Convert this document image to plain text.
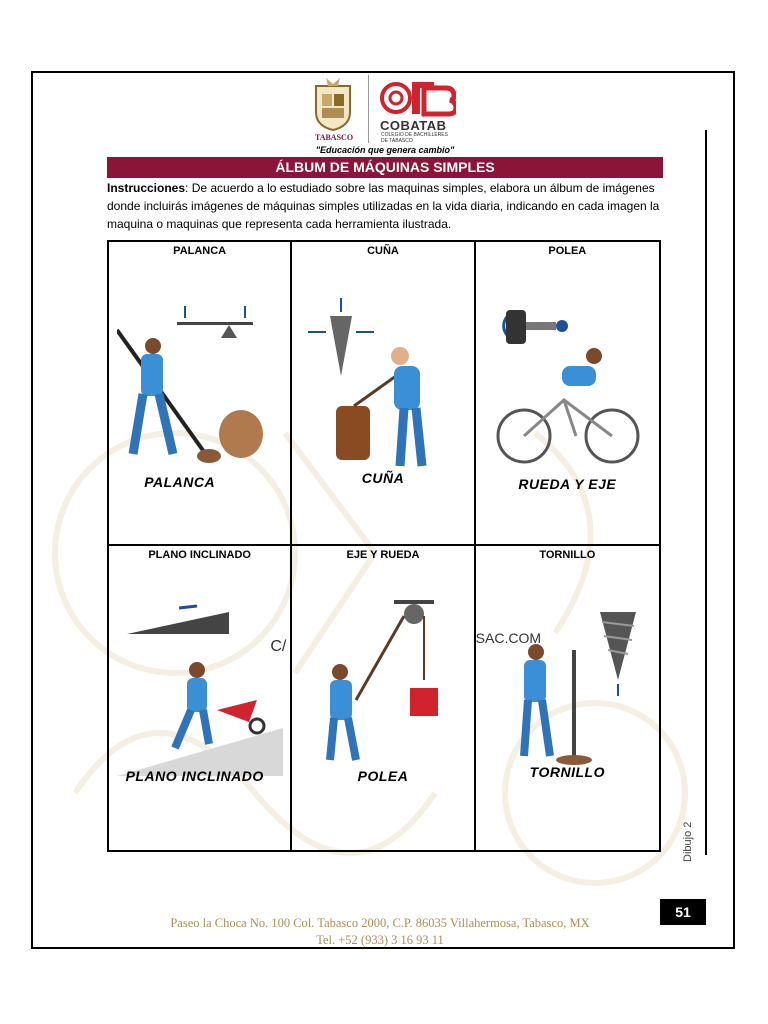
TABASCO
COBATAB
COLEGIO DE BACHILLERES DE TABASCO
"Educación que genera cambio"
ÁLBUM DE MÁQUINAS SIMPLES
Instrucciones: De acuerdo a lo estudiado sobre las maquinas simples, elabora un álbum de imágenes donde incluirás imágenes de máquinas simples utilizadas en la vida diaria, indicando en cada imagen la maquina o maquinas que representa cada herramienta ilustrada.
PALANCA
PALANCA
CUÑA
CUÑA
POLEA
RUEDA Y EJE
PLANO INCLINADO
PLANO INCLINADO
C/
EJE Y RUEDA
POLEA
TORNILLO
TORNILLO
SAC.COM
Dibujo 2
51
Paseo la Choca No. 100 Col. Tabasco 2000, C.P. 86035 Villahermosa, Tabasco, MX
Tel. +52 (933) 3 16 93 11
